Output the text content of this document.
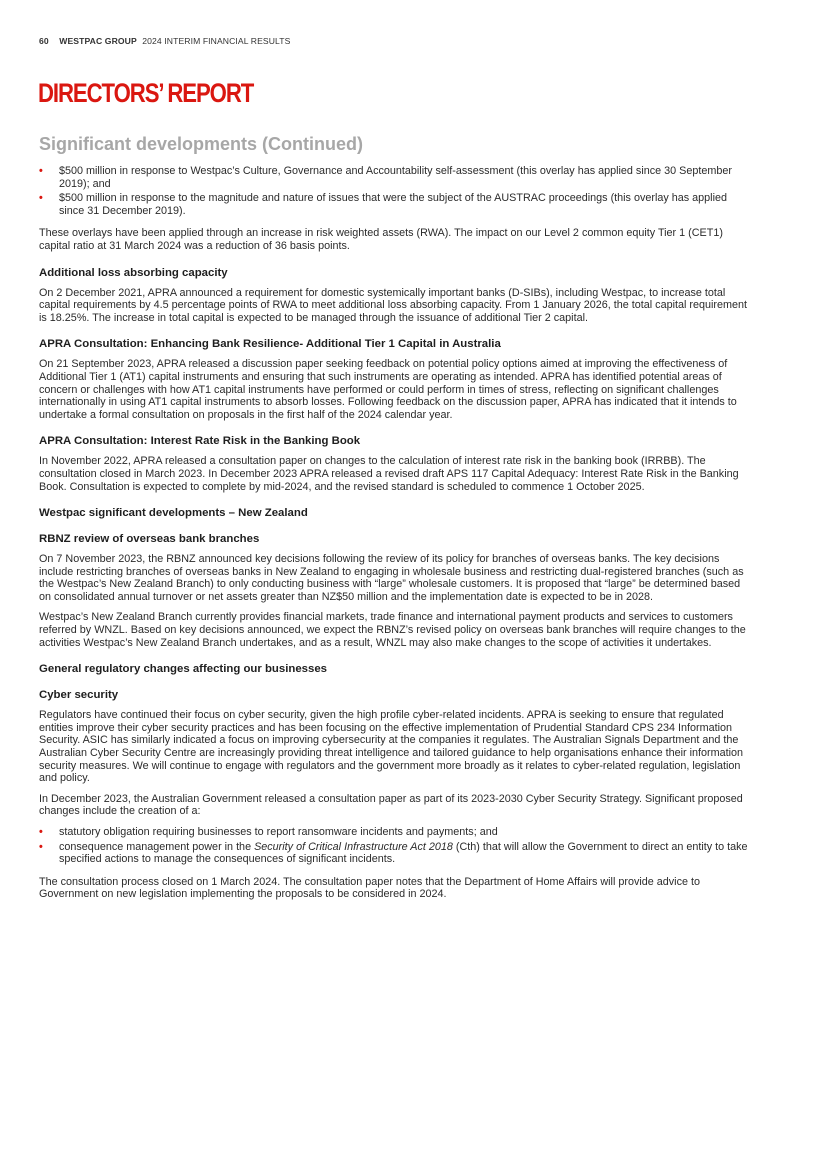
60 WESTPAC GROUP 2024 INTERIM FINANCIAL RESULTS
DIRECTORS’ REPORT
Significant developments (Continued)
• $500 million in response to Westpac’s Culture, Governance and Accountability self-assessment (this overlay has applied since 30 September 2019); and
• $500 million in response to the magnitude and nature of issues that were the subject of the AUSTRAC proceedings (this overlay has applied since 31 December 2019).

These overlays have been applied through an increase in risk weighted assets (RWA). The impact on our Level 2 common equity Tier 1 (CET1) capital ratio at 31 March 2024 was a reduction of 36 basis points.

Additional loss absorbing capacity

On 2 December 2021, APRA announced a requirement for domestic systemically important banks (D-SIBs), including Westpac, to increase total capital requirements by 4.5 percentage points of RWA to meet additional loss absorbing capacity. From 1 January 2026, the total capital requirement is 18.25%. The increase in total capital is expected to be managed through the issuance of additional Tier 2 capital.

APRA Consultation: Enhancing Bank Resilience- Additional Tier 1 Capital in Australia

On 21 September 2023, APRA released a discussion paper seeking feedback on potential policy options aimed at improving the effectiveness of Additional Tier 1 (AT1) capital instruments and ensuring that such instruments are operating as intended. APRA has identified potential areas of concern or challenges with how AT1 capital instruments have performed or could perform in times of stress, reflecting on significant challenges internationally in using AT1 capital instruments to absorb losses. Following feedback on the discussion paper, APRA has indicated that it intends to undertake a formal consultation on proposals in the first half of the 2024 calendar year.

APRA Consultation: Interest Rate Risk in the Banking Book

In November 2022, APRA released a consultation paper on changes to the calculation of interest rate risk in the banking book (IRRBB). The consultation closed in March 2023. In December 2023 APRA released a revised draft APS 117 Capital Adequacy: Interest Rate Risk in the Banking Book. Consultation is expected to complete by mid-2024, and the revised standard is scheduled to commence 1 October 2025.

Westpac significant developments – New Zealand
RBNZ review of overseas bank branches

On 7 November 2023, the RBNZ announced key decisions following the review of its policy for branches of overseas banks. The key decisions include restricting branches of overseas banks in New Zealand to engaging in wholesale business and restricting dual-registered branches (such as the Westpac’s New Zealand Branch) to only conducting business with “large” wholesale customers. It is proposed that “large” be determined based on consolidated annual turnover or net assets greater than NZ$50 million and the implementation date is expected to be in 2028.

Westpac’s New Zealand Branch currently provides financial markets, trade finance and international payment products and services to customers referred by WNZL. Based on key decisions announced, we expect the RBNZ’s revised policy on overseas bank branches will require changes to the activities Westpac’s New Zealand Branch undertakes, and as a result, WNZL may also make changes to the scope of activities it undertakes.

General regulatory changes affecting our businesses
Cyber security

Regulators have continued their focus on cyber security, given the high profile cyber-related incidents. APRA is seeking to ensure that regulated entities improve their cyber security practices and has been focusing on the effective implementation of Prudential Standard CPS 234 Information Security. ASIC has similarly indicated a focus on improving cybersecurity at the companies it regulates. The Australian Signals Department and the Australian Cyber Security Centre are increasingly providing threat intelligence and tailored guidance to help organisations enhance their information security measures. We will continue to engage with regulators and the government more broadly as it relates to cyber-related regulation, legislation and policy.

In December 2023, the Australian Government released a consultation paper as part of its 2023-2030 Cyber Security Strategy. Significant proposed changes include the creation of a:

• statutory obligation requiring businesses to report ransomware incidents and payments; and
• consequence management power in the Security of Critical Infrastructure Act 2018 (Cth) that will allow the Government to direct an entity to take specified actions to manage the consequences of significant incidents.

The consultation process closed on 1 March 2024. The consultation paper notes that the Department of Home Affairs will provide advice to Government on new legislation implementing the proposals to be considered in 2024.
